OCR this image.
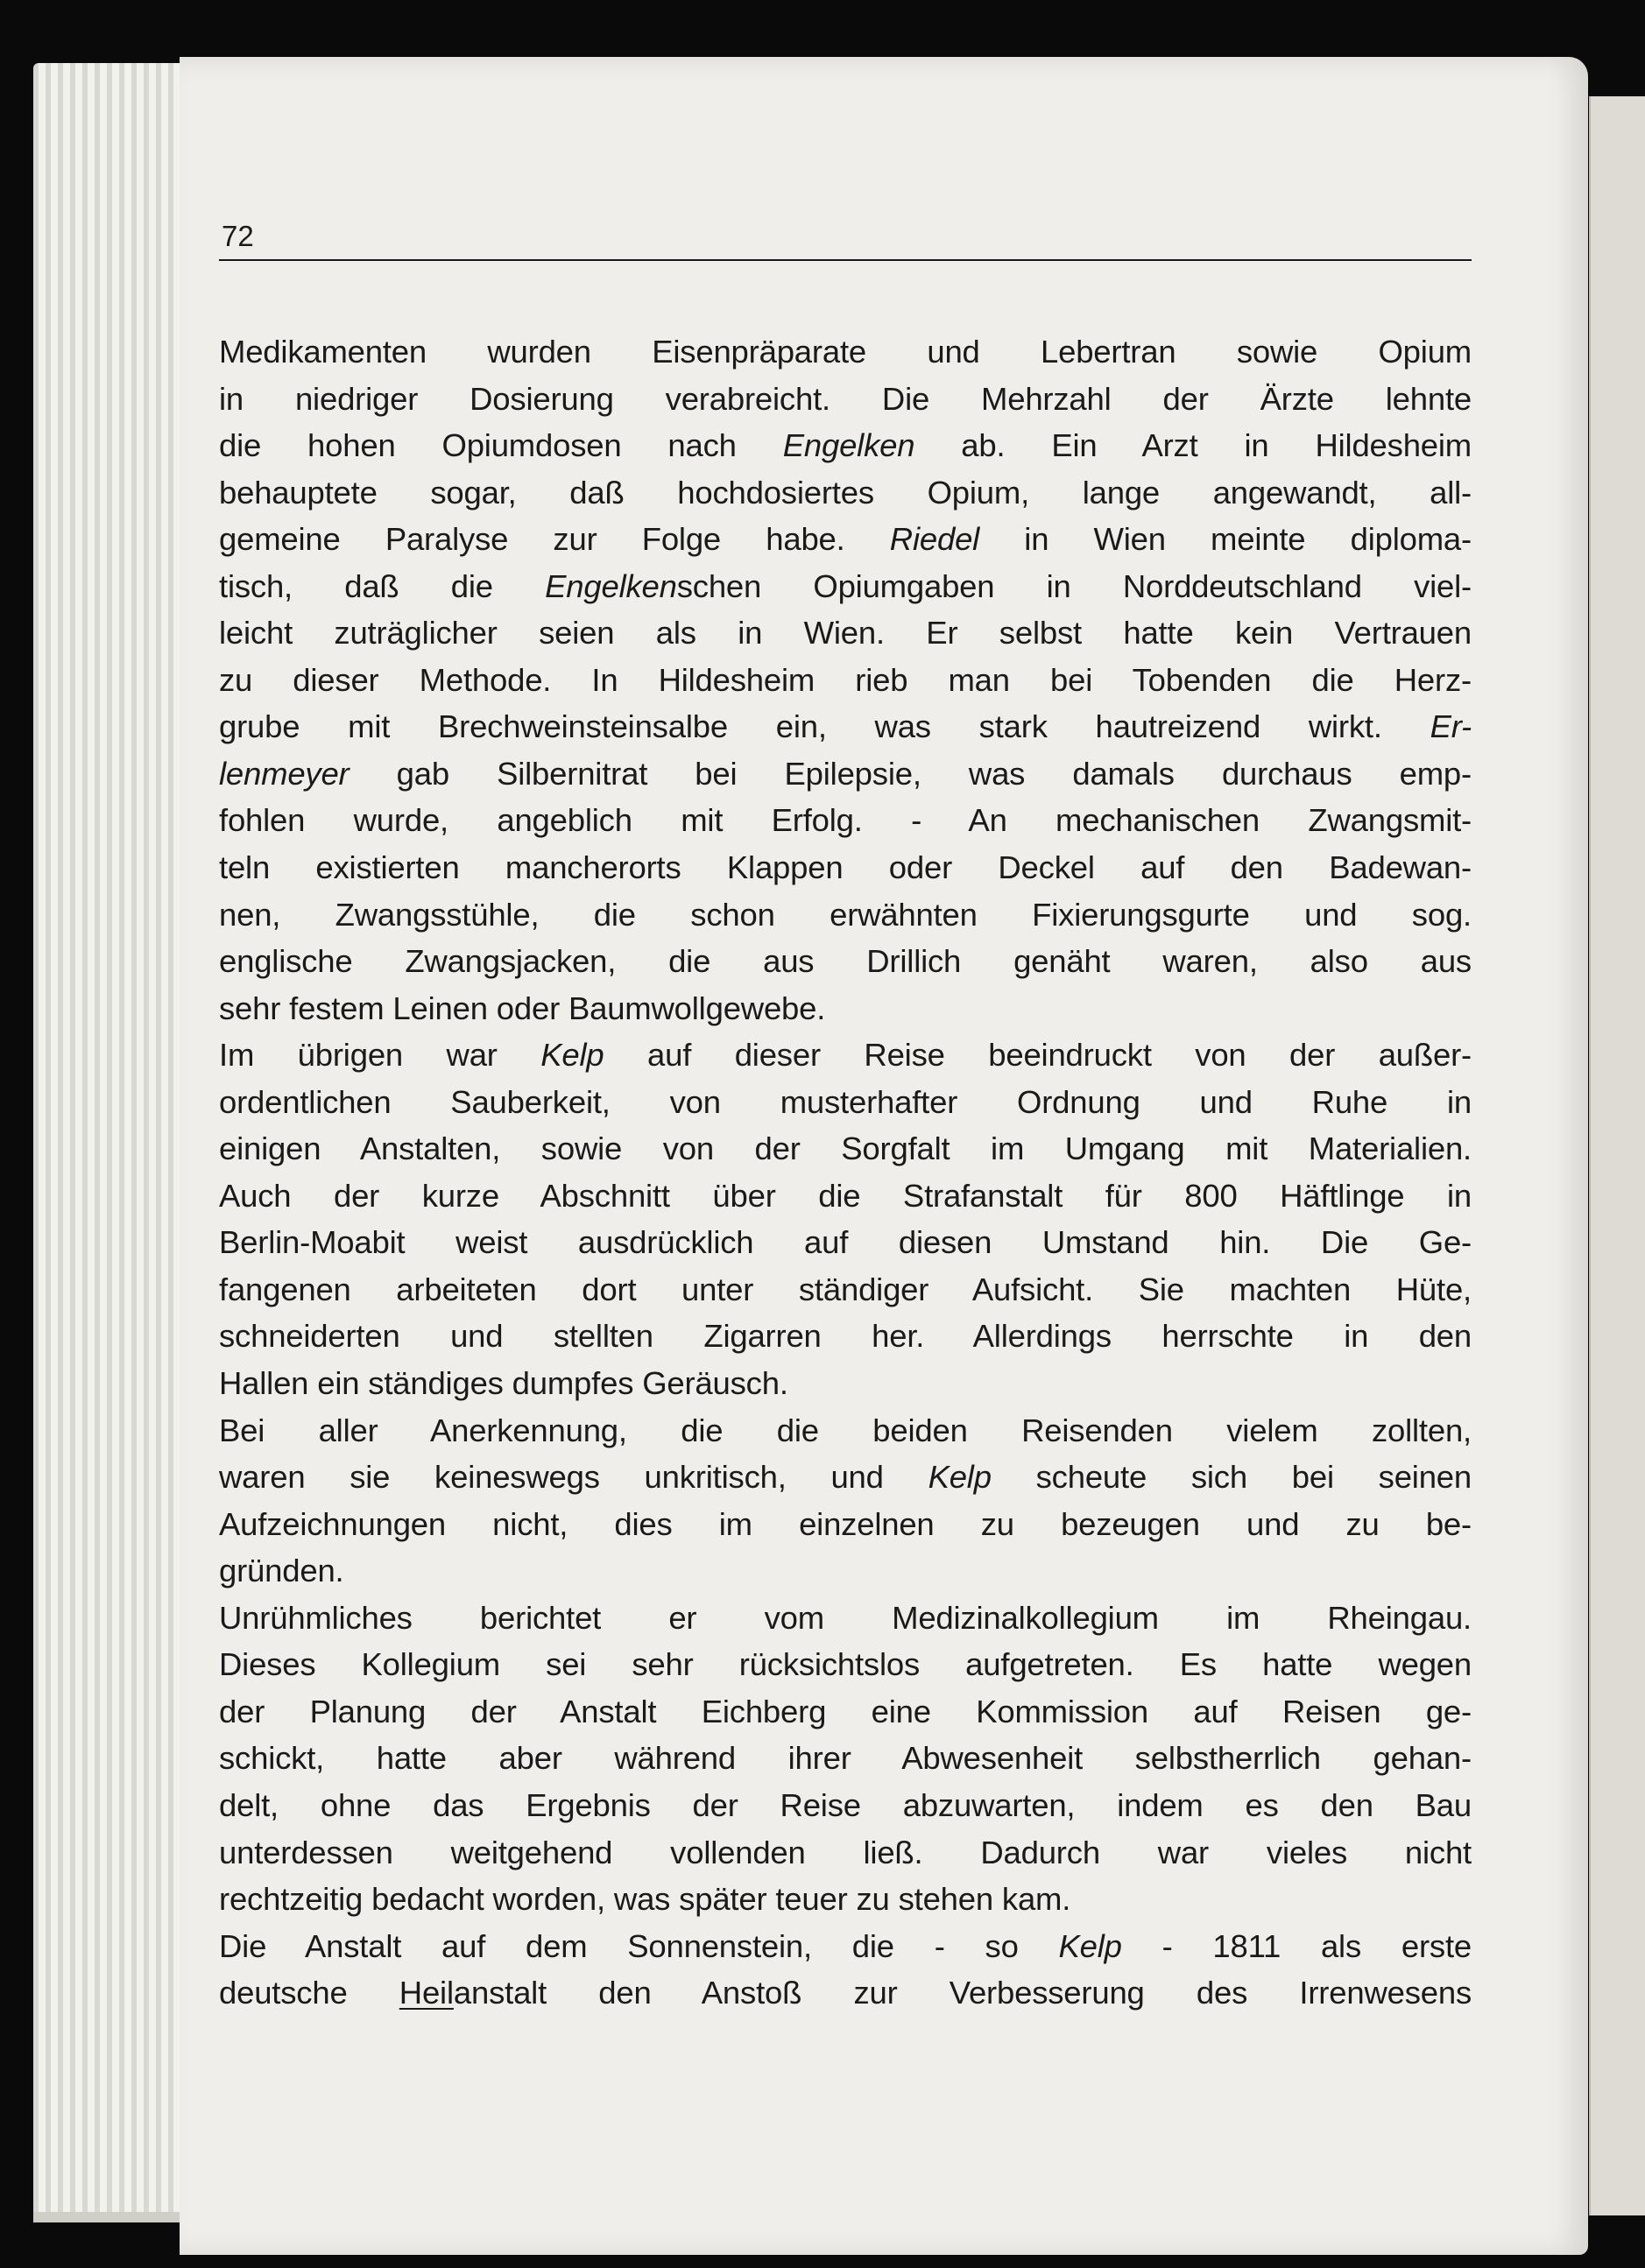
72
Medikamenten wurden Eisenpräparate und Lebertran sowie Opium
in niedriger Dosierung verabreicht. Die Mehrzahl der Ärzte lehnte
die hohen Opiumdosen nach Engelken ab. Ein Arzt in Hildesheim
behauptete sogar, daß hochdosiertes Opium, lange angewandt, all-
gemeine Paralyse zur Folge habe. Riedel in Wien meinte diploma-
tisch, daß die Engelkenschen Opiumgaben in Norddeutschland viel-
leicht zuträglicher seien als in Wien. Er selbst hatte kein Vertrauen
zu dieser Methode. In Hildesheim rieb man bei Tobenden die Herz-
grube mit Brechweinsteinsalbe ein, was stark hautreizend wirkt. Er-
lenmeyer gab Silbernitrat bei Epilepsie, was damals durchaus emp-
fohlen wurde, angeblich mit Erfolg. - An mechanischen Zwangsmit-
teln existierten mancherorts Klappen oder Deckel auf den Badewan-
nen, Zwangsstühle, die schon erwähnten Fixierungsgurte und sog.
englische Zwangsjacken, die aus Drillich genäht waren, also aus
sehr festem Leinen oder Baumwollgewebe.
Im übrigen war Kelp auf dieser Reise beeindruckt von der außer-
ordentlichen Sauberkeit, von musterhafter Ordnung und Ruhe in
einigen Anstalten, sowie von der Sorgfalt im Umgang mit Materialien.
Auch der kurze Abschnitt über die Strafanstalt für 800 Häftlinge in
Berlin-Moabit weist ausdrücklich auf diesen Umstand hin. Die Ge-
fangenen arbeiteten dort unter ständiger Aufsicht. Sie machten Hüte,
schneiderten und stellten Zigarren her. Allerdings herrschte in den
Hallen ein ständiges dumpfes Geräusch.
Bei aller Anerkennung, die die beiden Reisenden vielem zollten,
waren sie keineswegs unkritisch, und Kelp scheute sich bei seinen
Aufzeichnungen nicht, dies im einzelnen zu bezeugen und zu be-
gründen.
Unrühmliches berichtet er vom Medizinalkollegium im Rheingau.
Dieses Kollegium sei sehr rücksichtslos aufgetreten. Es hatte wegen
der Planung der Anstalt Eichberg eine Kommission auf Reisen ge-
schickt, hatte aber während ihrer Abwesenheit selbstherrlich gehan-
delt, ohne das Ergebnis der Reise abzuwarten, indem es den Bau
unterdessen weitgehend vollenden ließ. Dadurch war vieles nicht
rechtzeitig bedacht worden, was später teuer zu stehen kam.
Die Anstalt auf dem Sonnenstein, die - so Kelp - 1811 als erste
deutsche Heilanstalt den Anstoß zur Verbesserung des Irrenwesens
